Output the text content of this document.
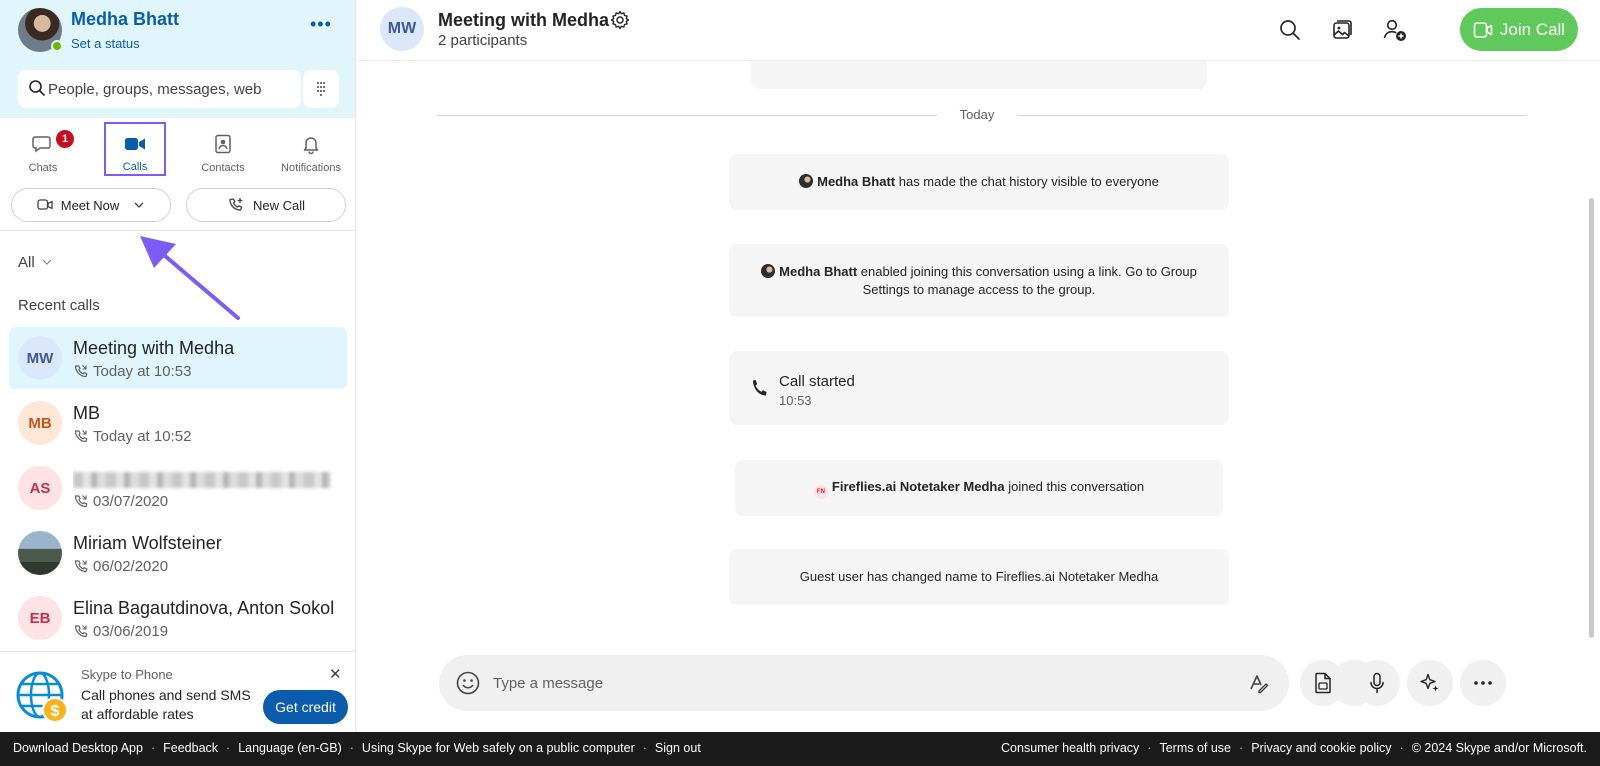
Medha Bhatt
Set a status
•••
People, groups, messages, web
1
Chats	Calls	Contacts	Notifications
Meet Now	New Call
All
Recent calls
MW	Meeting with Medha
Today at 10:53
MB	MB
Today at 10:52
AS
03/07/2020
Miriam Wolfsteiner
06/02/2020
EB	Elina Bagautdinova, Anton Sokol
03/06/2019
$
Skype to Phone
Call phones and send SMS at affordable rates	Get credit
✕
MW	Meeting with Medha
2 participants
Join Call
Today
Medha Bhatt has made the chat history visible to everyone
Medha Bhatt enabled joining this conversation using a link. Go to Group Settings to manage access to the group.
Call started
10:53
FN Fireflies.ai Notetaker Medha joined this conversation
Guest user has changed name to Fireflies.ai Notetaker Medha
Type a message
Download Desktop App · Feedback · Language (en-GB) · Using Skype for Web safely on a public computer · Sign out	Consumer health privacy · Terms of use · Privacy and cookie policy · © 2024 Skype and/or Microsoft.
